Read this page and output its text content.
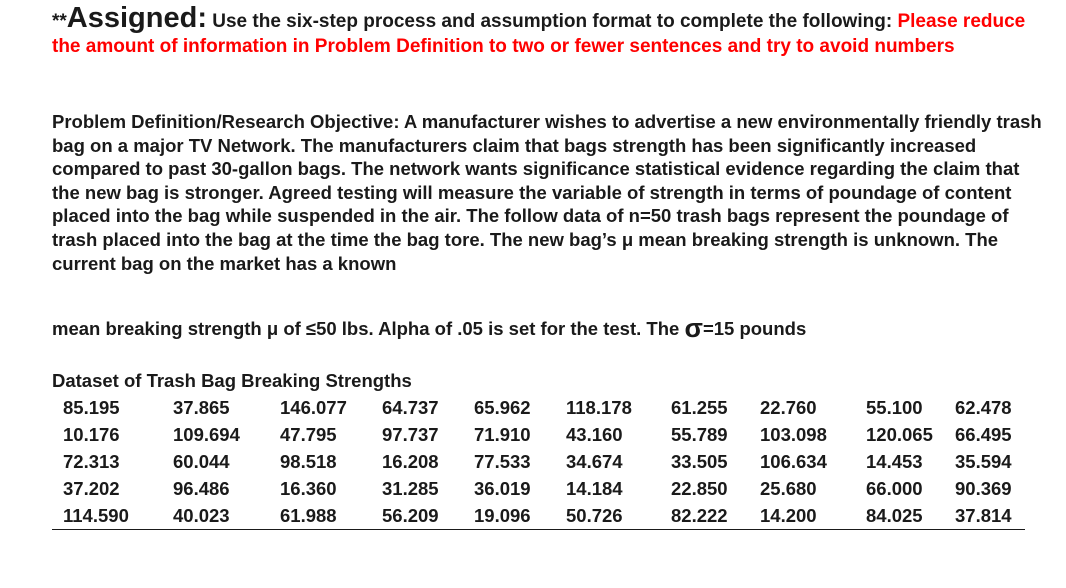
**Assigned: Use the six-step process and assumption format to complete the following: Please reduce the amount of information in Problem Definition to two or fewer sentences and try to avoid numbers

Problem Definition/Research Objective: A manufacturer wishes to advertise a new environmentally friendly trash bag on a major TV Network. The manufacturers claim that bags strength has been significantly increased compared to past 30-gallon bags. The network wants significance statistical evidence regarding the claim that the new bag is stronger. Agreed testing will measure the variable of strength in terms of poundage of content placed into the bag while suspended in the air. The follow data of n=50 trash bags represent the poundage of trash placed into the bag at the time the bag tore. The new bag’s μ mean breaking strength is unknown. The current bag on the market has a known

mean breaking strength μ of ≤50 lbs. Alpha of .05 is set for the test. The σ=15 pounds
Dataset of Trash Bag Breaking Strengths
85.195	37.865	146.077	64.737	65.962	118.178	61.255	22.760	55.100	62.478
10.176	109.694	47.795	97.737	71.910	43.160	55.789	103.098	120.065	66.495
72.313	60.044	98.518	16.208	77.533	34.674	33.505	106.634	14.453	35.594
37.202	96.486	16.360	31.285	36.019	14.184	22.850	25.680	66.000	90.369
114.590	40.023	61.988	56.209	19.096	50.726	82.222	14.200	84.025	37.814
